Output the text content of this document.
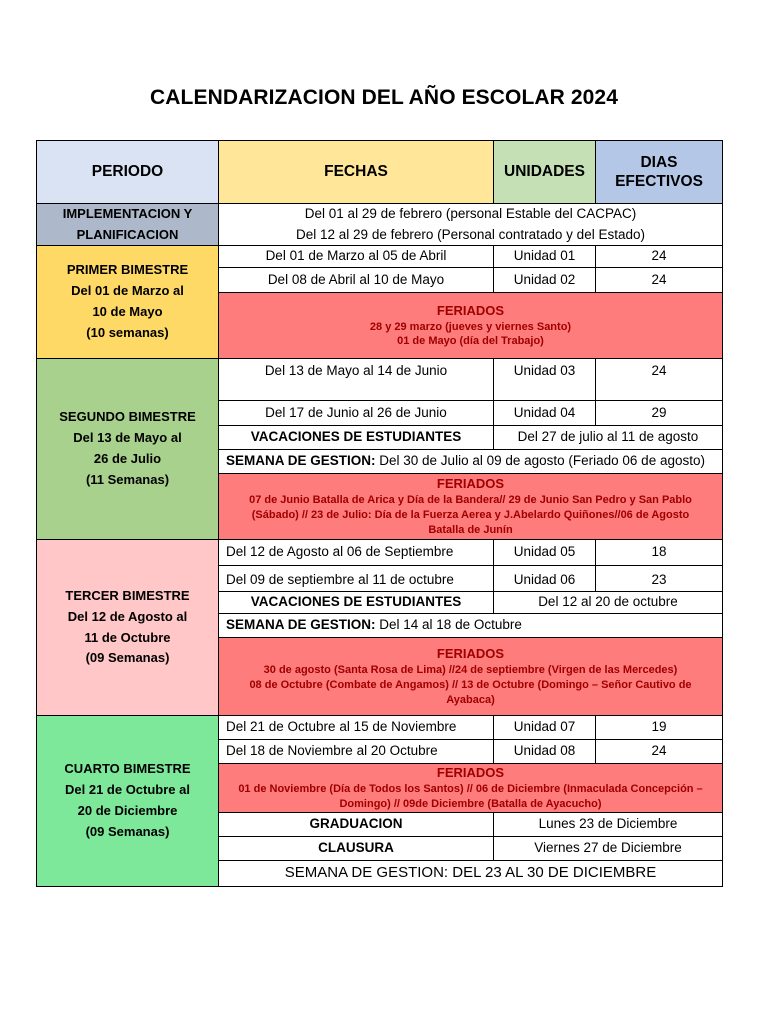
CALENDARIZACION DEL AÑO ESCOLAR 2024
PERIODO	FECHAS	UNIDADES	DIAS
EFECTIVOS
IMPLEMENTACION Y
PLANIFICACION	Del 01 al 29 de febrero (personal Estable del CACPAC)
Del 12 al 29 de febrero (Personal contratado y del Estado)		
PRIMER BIMESTRE
Del 01 de Marzo al
10 de Mayo
(10 semanas)	Del 01 de Marzo al 05 de Abril	Unidad 01	24
	Del 08 de Abril al 10 de Mayo	Unidad 02	24
	FERIADOS
28 y 29 marzo (jueves y viernes Santo)
01 de Mayo (día del Trabajo)		
SEGUNDO BIMESTRE
Del 13 de Mayo al
26 de Julio
(11 Semanas)	Del 13 de Mayo al 14 de Junio	Unidad 03	24
	Del 17 de Junio al 26 de Junio	Unidad 04	29
	VACACIONES DE ESTUDIANTES	Del 27 de julio al 11 de agosto	
	SEMANA DE GESTION: Del 30 de Julio al 09 de agosto (Feriado 06 de agosto)		
	FERIADOS
07 de Junio Batalla de Arica y Día de la Bandera// 29 de Junio San Pedro y San Pablo
(Sábado) // 23 de Julio: Día de la Fuerza Aerea y J.Abelardo Quiñones//06 de Agosto
Batalla de Junín		
TERCER BIMESTRE
Del 12 de Agosto al
11 de Octubre
(09 Semanas)	Del 12 de Agosto al 06 de Septiembre	Unidad 05	18
	Del 09 de septiembre al 11 de octubre	Unidad 06	23
	VACACIONES DE ESTUDIANTES	Del 12 al 20 de octubre	
	SEMANA DE GESTION: Del 14 al 18 de Octubre		
	FERIADOS
30 de agosto (Santa Rosa de Lima) //24 de septiembre (Virgen de las Mercedes)
08 de Octubre (Combate de Angamos) // 13 de Octubre (Domingo – Señor Cautivo de
Ayabaca)		
CUARTO BIMESTRE
Del 21 de Octubre al
20 de Diciembre
(09 Semanas)	Del 21 de Octubre al 15 de Noviembre	Unidad 07	19
	Del 18 de Noviembre al 20 Octubre	Unidad 08	24
	FERIADOS
01 de Noviembre (Día de Todos los Santos) // 06 de Diciembre (Inmaculada Concepción –
Domingo) // 09de Diciembre (Batalla de Ayacucho)		
	GRADUACION	Lunes 23 de Diciembre	
	CLAUSURA	Viernes 27 de Diciembre	
	SEMANA DE GESTION: DEL 23 AL 30 DE DICIEMBRE		
